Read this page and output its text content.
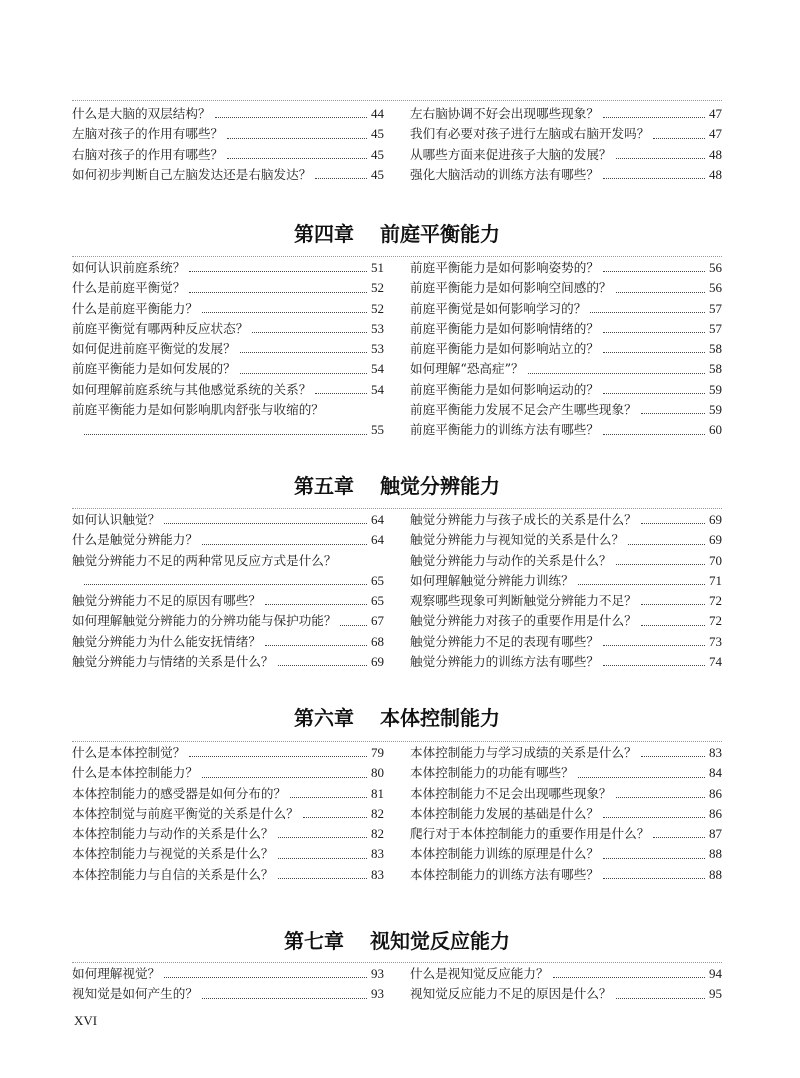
什么是大脑的双层结构？	44
左脑对孩子的作用有哪些？	45
右脑对孩子的作用有哪些？	45
如何初步判断自己左脑发达还是右脑发达？	45
左右脑协调不好会出现哪些现象？	47
我们有必要对孩子进行左脑或右脑开发吗？	47
从哪些方面来促进孩子大脑的发展？	48
强化大脑活动的训练方法有哪些？	48
第四章 前庭平衡能力
如何认识前庭系统？	51
什么是前庭平衡觉？	52
什么是前庭平衡能力？	52
前庭平衡觉有哪两种反应状态？	53
如何促进前庭平衡觉的发展？	53
前庭平衡能力是如何发展的？	54
如何理解前庭系统与其他感觉系统的关系？	54
前庭平衡能力是如何影响肌肉舒张与收缩的？
55
前庭平衡能力是如何影响姿势的？	56
前庭平衡能力是如何影响空间感的？	56
前庭平衡觉是如何影响学习的？	57
前庭平衡能力是如何影响情绪的？	57
前庭平衡能力是如何影响站立的？	58
如何理解“恐高症”？	58
前庭平衡能力是如何影响运动的？	59
前庭平衡能力发展不足会产生哪些现象？	59
前庭平衡能力的训练方法有哪些？	60
第五章 触觉分辨能力
如何认识触觉？	64
什么是触觉分辨能力？	64
触觉分辨能力不足的两种常见反应方式是什么？
65
触觉分辨能力不足的原因有哪些？	65
如何理解触觉分辨能力的分辨功能与保护功能？	67
触觉分辨能力为什么能安抚情绪？	68
触觉分辨能力与情绪的关系是什么？	69
触觉分辨能力与孩子成长的关系是什么？	69
触觉分辨能力与视知觉的关系是什么？	69
触觉分辨能力与动作的关系是什么？	70
如何理解触觉分辨能力训练？	71
观察哪些现象可判断触觉分辨能力不足？	72
触觉分辨能力对孩子的重要作用是什么？	72
触觉分辨能力不足的表现有哪些？	73
触觉分辨能力的训练方法有哪些？	74
第六章 本体控制能力
什么是本体控制觉？	79
什么是本体控制能力？	80
本体控制能力的感受器是如何分布的？	81
本体控制觉与前庭平衡觉的关系是什么？	82
本体控制能力与动作的关系是什么？	82
本体控制能力与视觉的关系是什么？	83
本体控制能力与自信的关系是什么？	83
本体控制能力与学习成绩的关系是什么？	83
本体控制能力的功能有哪些？	84
本体控制能力不足会出现哪些现象？	86
本体控制能力发展的基础是什么？	86
爬行对于本体控制能力的重要作用是什么？	87
本体控制能力训练的原理是什么？	88
本体控制能力的训练方法有哪些？	88
第七章 视知觉反应能力
如何理解视觉？	93
视知觉是如何产生的？	93
什么是视知觉反应能力？	94
视知觉反应能力不足的原因是什么？	95
XVI
